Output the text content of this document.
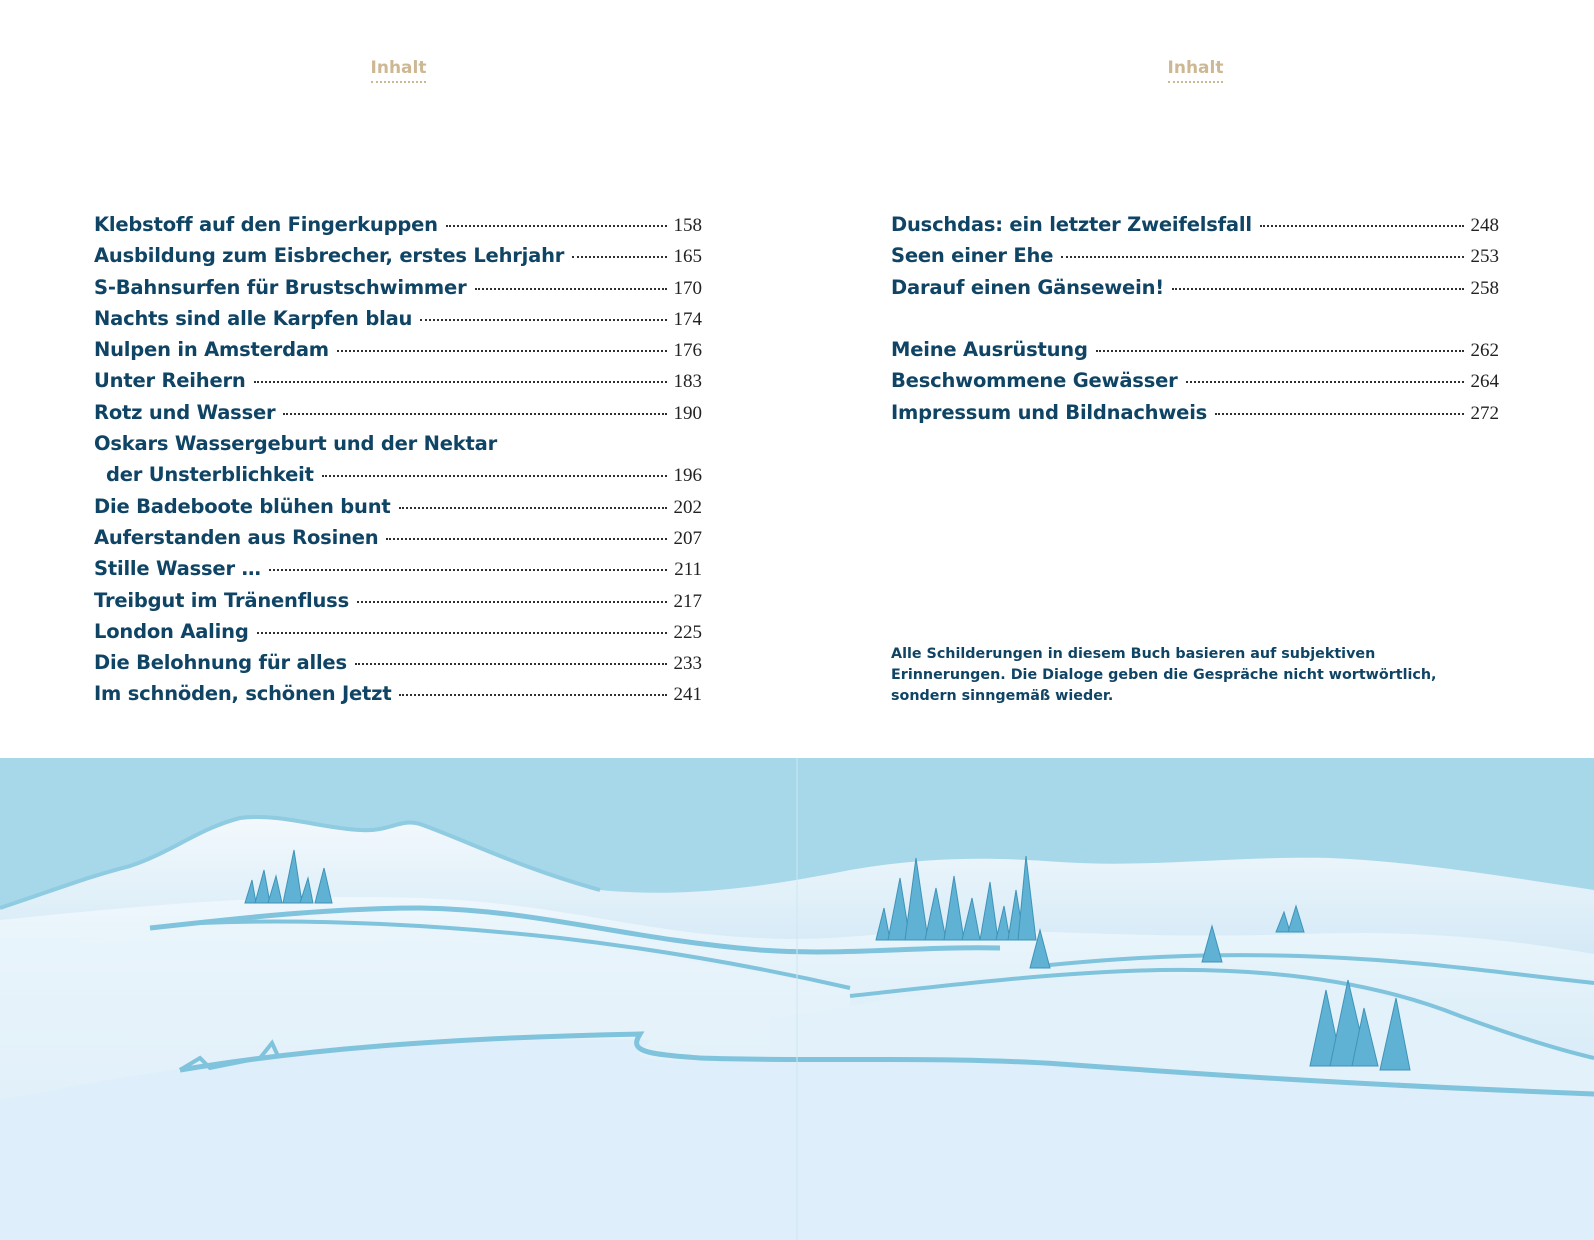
Inhalt	Inhalt
Klebstoff auf den Fingerkuppen	158
Ausbildung zum Eisbrecher, erstes Lehrjahr	165
S-Bahnsurfen für Brustschwimmer	170
Nachts sind alle Karpfen blau	174
Nulpen in Amsterdam	176
Unter Reihern	183
Rotz und Wasser	190
Oskars Wassergeburt und der Nektar
der Unsterblichkeit	196
Die Badeboote blühen bunt	202
Auferstanden aus Rosinen	207
Stille Wasser …	211
Treibgut im Tränenfluss	217
London Aaling	225
Die Belohnung für alles	233
Im schnöden, schönen Jetzt	241
Duschdas: ein letzter Zweifelsfall	248
Seen einer Ehe	253
Darauf einen Gänsewein!	258
Meine Ausrüstung	262
Beschwommene Gewässer	264
Impressum und Bildnachweis	272
Alle Schilderungen in diesem Buch basieren auf subjektiven Erinnerungen. Die Dialoge geben die Gespräche nicht wortwörtlich, sondern sinngemäß wieder.
